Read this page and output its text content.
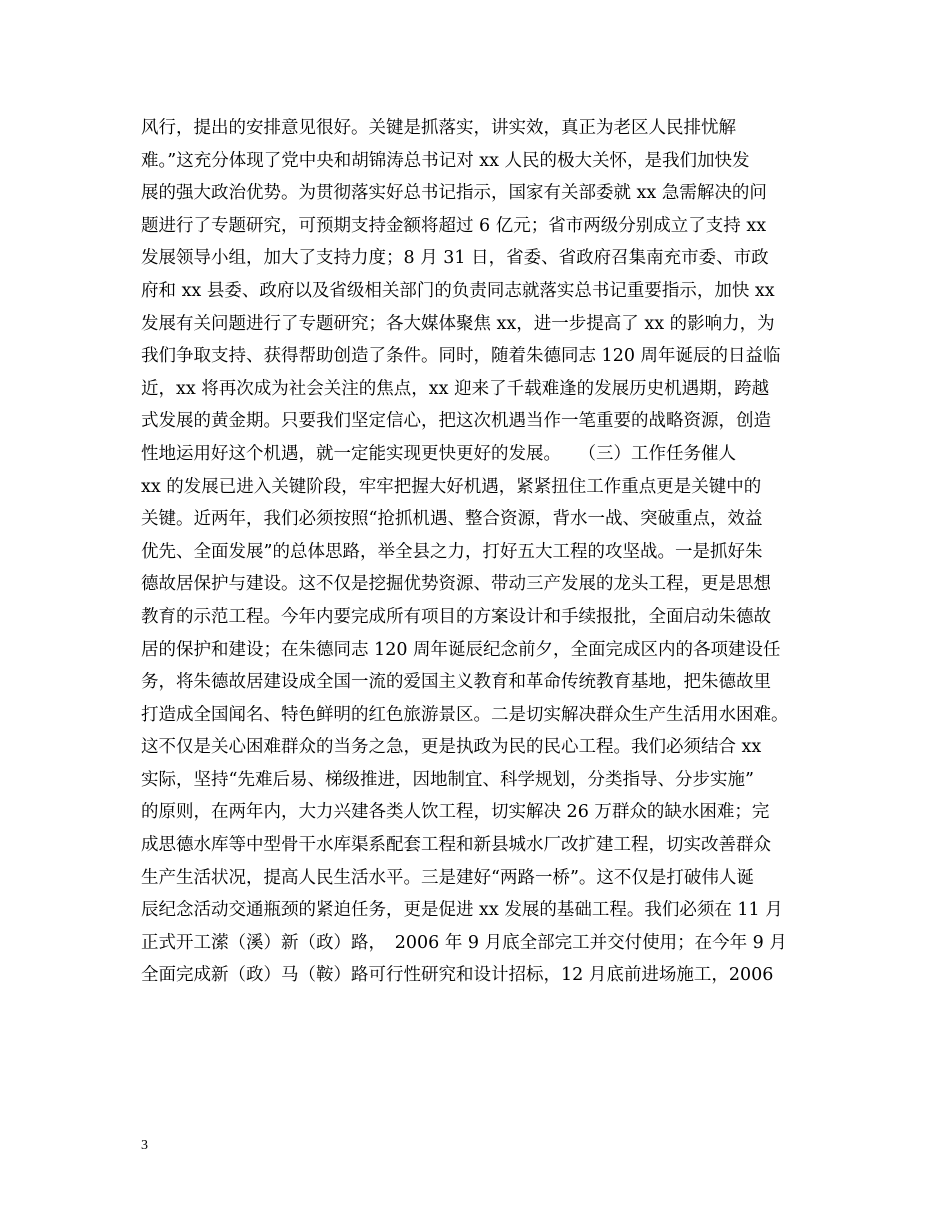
风行，提出的安排意见很好。关键是抓落实，讲实效，真正为老区人民排忧解
难。”这充分体现了党中央和胡锦涛总书记对 xx 人民的极大关怀，是我们加快发
展的强大政治优势。为贯彻落实好总书记指示，国家有关部委就 xx 急需解决的问
题进行了专题研究，可预期支持金额将超过 6 亿元；省市两级分别成立了支持 xx
发展领导小组，加大了支持力度；8 月 31 日，省委、省政府召集南充市委、市政
府和 xx 县委、政府以及省级相关部门的负责同志就落实总书记重要指示，加快 xx
发展有关问题进行了专题研究；各大媒体聚焦 xx，进一步提高了 xx 的影响力，为
我们争取支持、获得帮助创造了条件。同时，随着朱德同志 120 周年诞辰的日益临
近，xx 将再次成为社会关注的焦点，xx 迎来了千载难逢的发展历史机遇期，跨越
式发展的黄金期。只要我们坚定信心，把这次机遇当作一笔重要的战略资源，创造
性地运用好这个机遇，就一定能实现更快更好的发展。　　（三）工作任务催人
xx 的发展已进入关键阶段，牢牢把握大好机遇，紧紧扭住工作重点更是关键中的
关键。近两年，我们必须按照“抢抓机遇、整合资源，背水一战、突破重点，效益
优先、全面发展”的总体思路，举全县之力，打好五大工程的攻坚战。一是抓好朱
德故居保护与建设。这不仅是挖掘优势资源、带动三产发展的龙头工程，更是思想
教育的示范工程。今年内要完成所有项目的方案设计和手续报批，全面启动朱德故
居的保护和建设；在朱德同志 120 周年诞辰纪念前夕，全面完成区内的各项建设任
务，将朱德故居建设成全国一流的爱国主义教育和革命传统教育基地，把朱德故里
打造成全国闻名、特色鲜明的红色旅游景区。二是切实解决群众生产生活用水困难。
这不仅是关心困难群众的当务之急，更是执政为民的民心工程。我们必须结合 xx
实际，坚持“先难后易、梯级推进，因地制宜、科学规划，分类指导、分步实施”
的原则，在两年内，大力兴建各类人饮工程，切实解决 26 万群众的缺水困难；完
成思德水库等中型骨干水库渠系配套工程和新县城水厂改扩建工程，切实改善群众
生产生活状况，提高人民生活水平。三是建好“两路一桥”。这不仅是打破伟人诞
辰纪念活动交通瓶颈的紧迫任务，更是促进 xx 发展的基础工程。我们必须在 11 月
正式开工潆（溪）新（政）路，　2006 年 9 月底全部完工并交付使用；在今年 9 月
全面完成新（政）马（鞍）路可行性研究和设计招标，12 月底前进场施工，2006
3
